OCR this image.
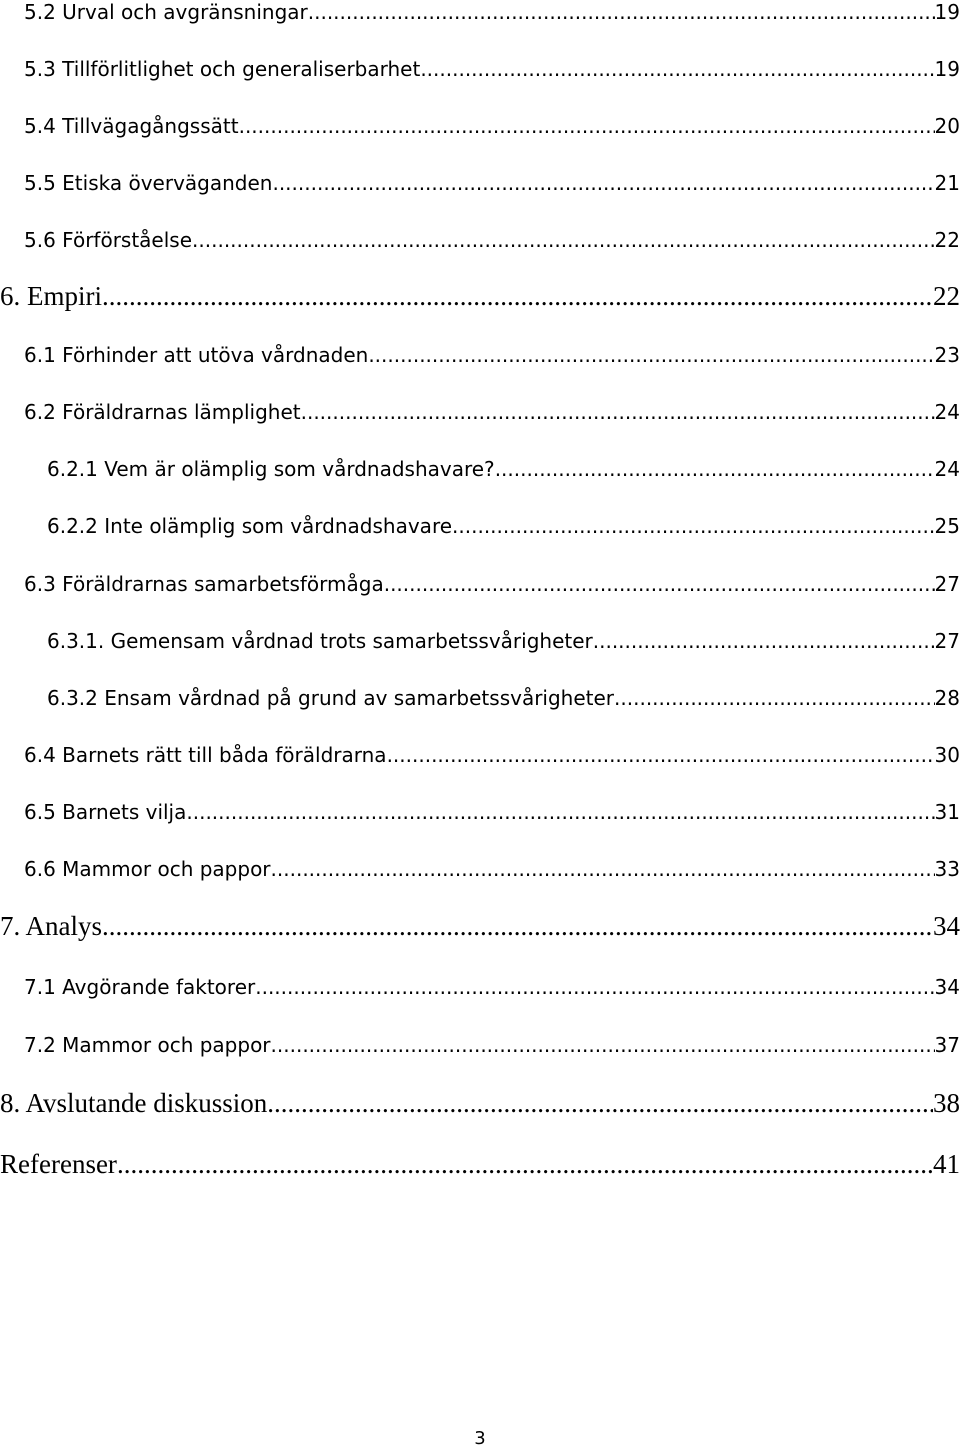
5.2 Urval och avgränsningar .....	19
5.3 Tillförlitlighet och generaliserbarhet .....	19
5.4 Tillvägagångssätt .....	20
5.5 Etiska överväganden .....	21
5.6 Förförståelse .....	22
6. Empiri .....	22
6.1 Förhinder att utöva vårdnaden .....	23
6.2 Föräldrarnas lämplighet .....	24
6.2.1 Vem är olämplig som vårdnadshavare? .....	24
6.2.2 Inte olämplig som vårdnadshavare .....	25
6.3 Föräldrarnas samarbetsförmåga .....	27
6.3.1. Gemensam vårdnad trots samarbetssvårigheter .....	27
6.3.2 Ensam vårdnad på grund av samarbetssvårigheter .....	28
6.4 Barnets rätt till båda föräldrarna .....	30
6.5 Barnets vilja .....	31
6.6 Mammor och pappor .....	33
7. Analys .....	34
7.1 Avgörande faktorer .....	34
7.2 Mammor och pappor .....	37
8. Avslutande diskussion .....	38
Referenser .....	41
3
